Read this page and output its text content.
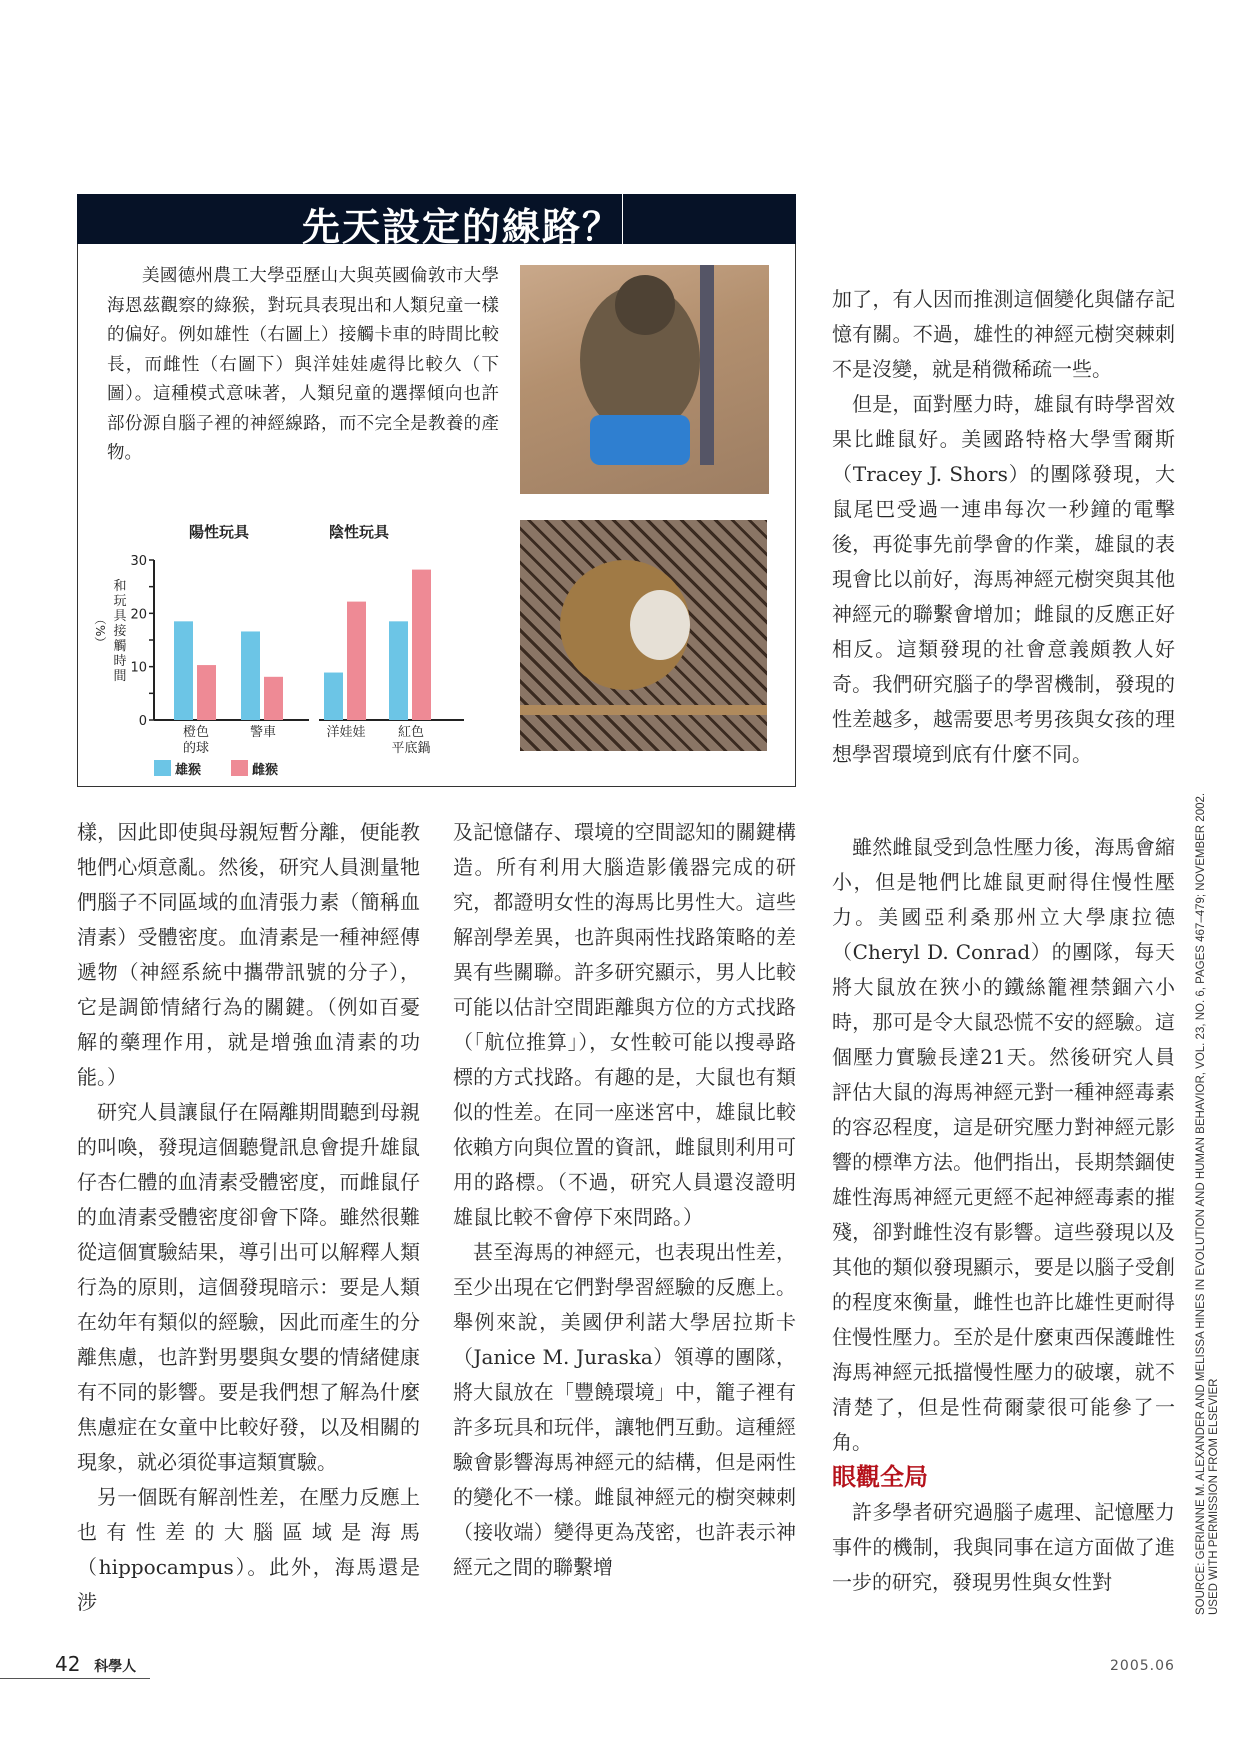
先天設定的線路？
美國德州農工大學亞歷山大與英國倫敦市大學海恩茲觀察的綠猴，對玩具表現出和人類兒童一樣的偏好。例如雄性（右圖上）接觸卡車的時間比較長，而雌性（右圖下）與洋娃娃處得比較久（下圖）。這種模式意味著，人類兒童的選擇傾向也許部份源自腦子裡的神經線路，而不完全是教養的產物。
0
10
20
30
和
玩
具
接
觸
時
間
（%）
陽性玩具	陰性玩具
橙色
的球
警車	洋娃娃 紅色
平底鍋
雄猴	雌猴

樣，因此即使與母親短暫分離，便能教牠們心煩意亂。然後，研究人員測量牠們腦子不同區域的血清張力素（簡稱血清素）受體密度。血清素是一種神經傳遞物（神經系統中攜帶訊號的分子），它是調節情緒行為的關鍵。（例如百憂解的藥理作用，就是增強血清素的功能。）

研究人員讓鼠仔在隔離期間聽到母親的叫喚，發現這個聽覺訊息會提升雄鼠仔杏仁體的血清素受體密度，而雌鼠仔的血清素受體密度卻會下降。雖然很難從這個實驗結果，導引出可以解釋人類行為的原則，這個發現暗示：要是人類在幼年有類似的經驗，因此而產生的分離焦慮，也許對男嬰與女嬰的情緒健康有不同的影響。要是我們想了解為什麼焦慮症在女童中比較好發，以及相關的現象，就必須從事這類實驗。

另一個既有解剖性差，在壓力反應上也有性差的大腦區域是海馬（hippocampus）。此外，海馬還是涉

及記憶儲存、環境的空間認知的關鍵構造。所有利用大腦造影儀器完成的研究，都證明女性的海馬比男性大。這些解剖學差異，也許與兩性找路策略的差異有些關聯。許多研究顯示，男人比較可能以估計空間距離與方位的方式找路（「航位推算」），女性較可能以搜尋路標的方式找路。有趣的是，大鼠也有類似的性差。在同一座迷宮中，雄鼠比較依賴方向與位置的資訊，雌鼠則利用可用的路標。（不過，研究人員還沒證明雄鼠比較不會停下來問路。）

甚至海馬的神經元，也表現出性差，至少出現在它們對學習經驗的反應上。舉例來說，美國伊利諾大學居拉斯卡（Janice M. Juraska）領導的團隊，將大鼠放在「豐饒環境」中，籠子裡有許多玩具和玩伴，讓牠們互動。這種經驗會影響海馬神經元的結構，但是兩性的變化不一樣。雌鼠神經元的樹突棘刺（接收端）變得更為茂密，也許表示神經元之間的聯繫增

加了，有人因而推測這個變化與儲存記憶有關。不過，雄性的神經元樹突棘刺不是沒變，就是稍微稀疏一些。

但是，面對壓力時，雄鼠有時學習效果比雌鼠好。美國路特格大學雪爾斯（Tracey J. Shors）的團隊發現，大鼠尾巴受過一連串每次一秒鐘的電擊後，再從事先前學會的作業，雄鼠的表現會比以前好，海馬神經元樹突與其他神經元的聯繫會增加；雌鼠的反應正好相反。這類發現的社會意義頗教人好奇。我們研究腦子的學習機制，發現的性差越多，越需要思考男孩與女孩的理想學習環境到底有什麼不同。

雖然雌鼠受到急性壓力後，海馬會縮小，但是牠們比雄鼠更耐得住慢性壓力。美國亞利桑那州立大學康拉德（Cheryl D. Conrad）的團隊，每天將大鼠放在狹小的鐵絲籠裡禁錮六小時，那可是令大鼠恐慌不安的經驗。這個壓力實驗長達21天。然後研究人員評估大鼠的海馬神經元對一種神經毒素的容忍程度，這是研究壓力對神經元影響的標準方法。他們指出，長期禁錮使雄性海馬神經元更經不起神經毒素的摧殘，卻對雌性沒有影響。這些發現以及其他的類似發現顯示，要是以腦子受創的程度來衡量，雌性也許比雄性更耐得住慢性壓力。至於是什麼東西保護雌性海馬神經元抵擋慢性壓力的破壞，就不清楚了，但是性荷爾蒙很可能參了一角。

眼觀全局

許多學者研究過腦子處理、記憶壓力事件的機制，我與同事在這方面做了進一步的研究，發現男性與女性對	SOURCE: GERIANNE M. ALEXANDER AND MELISSA HINES IN EVOLUTION AND HUMAN BEHAVIOR, VOL. 23, NO. 6, PAGES 467–479; NOVEMBER 2002. USED WITH PERMISSION FROM ELSEVIER
42 科學人	2005.06
